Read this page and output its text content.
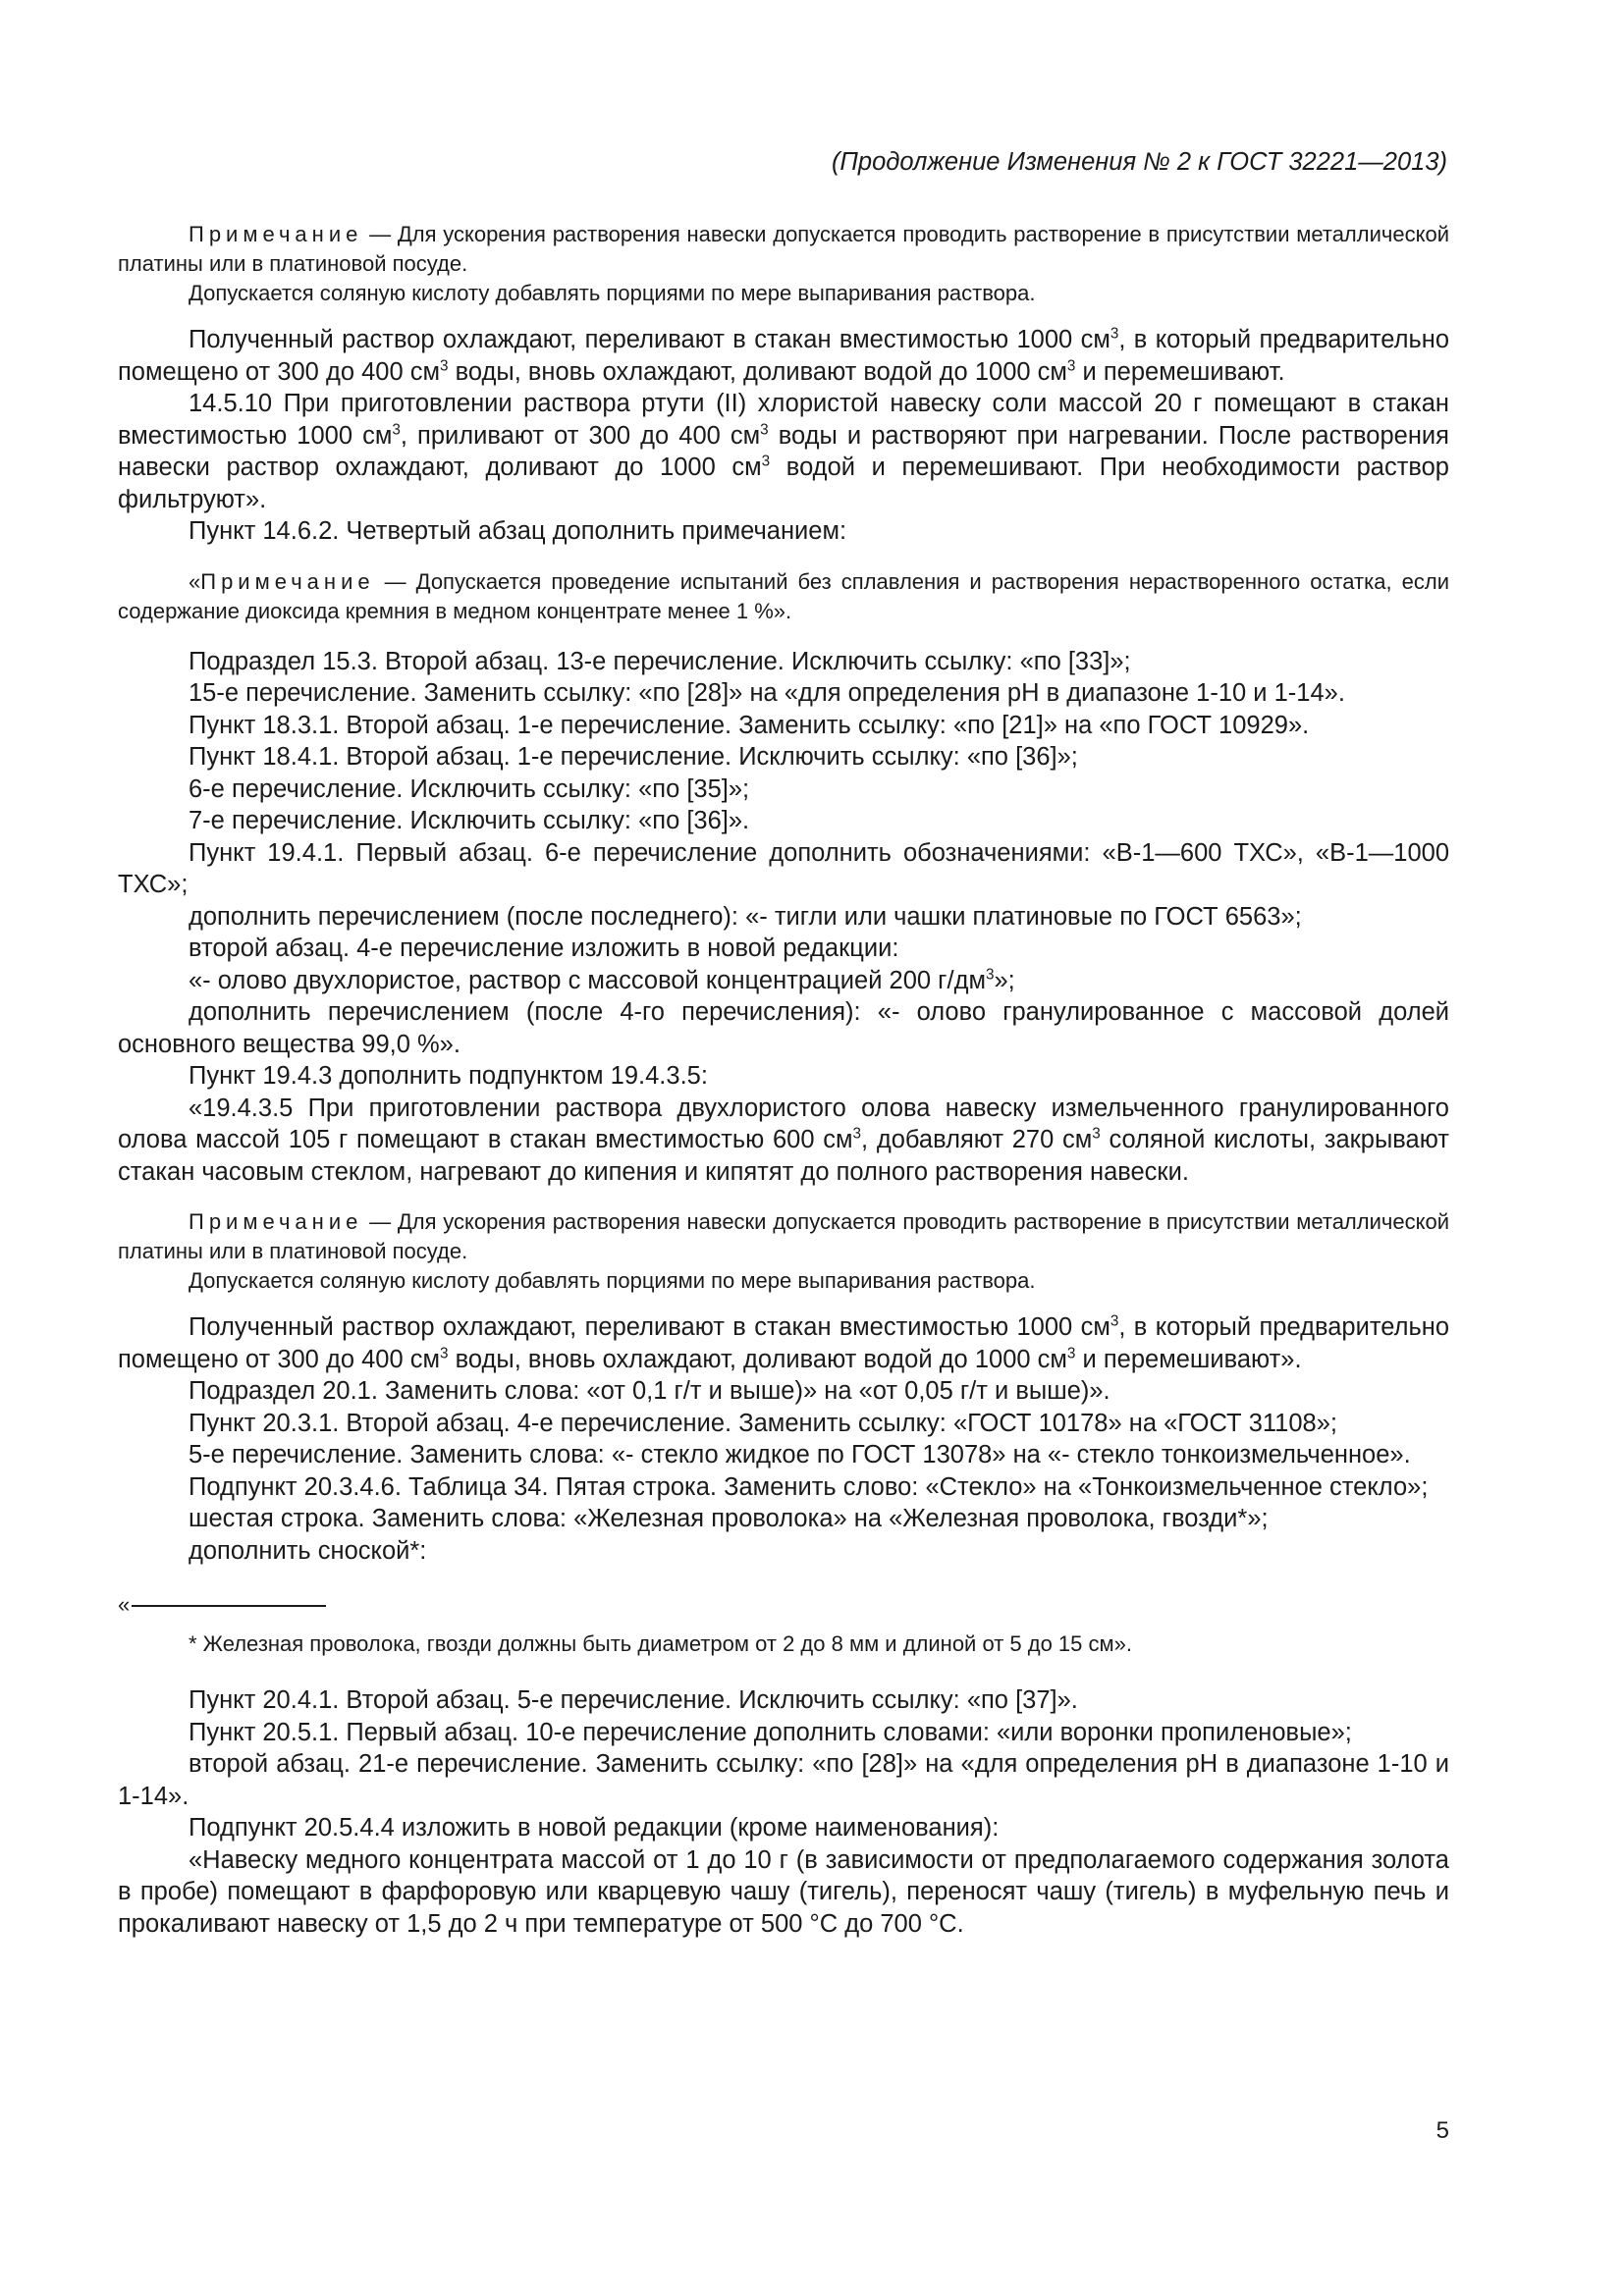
(Продолжение Изменения № 2 к ГОСТ 32221—2013)

Примечание — Для ускорения растворения навески допускается проводить растворение в присутствии металлической платины или в платиновой посуде.

Допускается соляную кислоту добавлять порциями по мере выпаривания раствора.

Полученный раствор охлаждают, переливают в стакан вместимостью 1000 $см^3$, в который предварительно помещено от 300 до 400 $см^3$ воды, вновь охлаждают, доливают водой до 1000 $см^3$ и перемешивают.

14.5.10 При приготовлении раствора ртути (II) хлористой навеску соли массой 20 г помещают в стакан вместимостью 1000 $см^3$, приливают от 300 до 400 $см^3$ воды и растворяют при нагревании. После растворения навески раствор охлаждают, доливают до 1000 $см^3$ водой и перемешивают. При необходимости раствор фильтруют».

Пункт 14.6.2. Четвертый абзац дополнить примечанием:

«Примечание — Допускается проведение испытаний без сплавления и растворения нерастворенного остатка, если содержание диоксида кремния в медном концентрате менее 1 %».

Подраздел 15.3. Второй абзац. 13-е перечисление. Исключить ссылку: «по [33]»;

15-е перечисление. Заменить ссылку: «по [28]» на «для определения рН в диапазоне 1-10 и 1-14».

Пункт 18.3.1. Второй абзац. 1-е перечисление. Заменить ссылку: «по [21]» на «по ГОСТ 10929».

Пункт 18.4.1. Второй абзац. 1-е перечисление. Исключить ссылку: «по [36]»;

6-е перечисление. Исключить ссылку: «по [35]»;

7-е перечисление. Исключить ссылку: «по [36]».

Пункт 19.4.1. Первый абзац. 6-е перечисление дополнить обозначениями: «В-1—600 ТХС», «В-1—1000 ТХС»;

дополнить перечислением (после последнего): «- тигли или чашки платиновые по ГОСТ 6563»;

второй абзац. 4-е перечисление изложить в новой редакции:

«- олово двухлористое, раствор с массовой концентрацией 200 $г/дм^3$»;

дополнить перечислением (после 4-го перечисления): «- олово гранулированное с массовой долей основного вещества 99,0 %».

Пункт 19.4.3 дополнить подпунктом 19.4.3.5:

«19.4.3.5 При приготовлении раствора двухлористого олова навеску измельченного гранулированного олова массой 105 г помещают в стакан вместимостью 600 $см^3$, добавляют 270 $см^3$ соляной кислоты, закрывают стакан часовым стеклом, нагревают до кипения и кипятят до полного растворения навески.

Примечание — Для ускорения растворения навески допускается проводить растворение в присутствии металлической платины или в платиновой посуде.

Допускается соляную кислоту добавлять порциями по мере выпаривания раствора.

Полученный раствор охлаждают, переливают в стакан вместимостью 1000 $см^3$, в который предварительно помещено от 300 до 400 $см^3$ воды, вновь охлаждают, доливают водой до 1000 $см^3$ и перемешивают».

Подраздел 20.1. Заменить слова: «от 0,1 г/т и выше)» на «от 0,05 г/т и выше)».

Пункт 20.3.1. Второй абзац. 4-е перечисление. Заменить ссылку: «ГОСТ 10178» на «ГОСТ 31108»;

5-е перечисление. Заменить слова: «- стекло жидкое по ГОСТ 13078» на «- стекло тонкоизмельченное».

Подпункт 20.3.4.6. Таблица 34. Пятая строка. Заменить слово: «Стекло» на «Тонкоизмельченное стекло»;

шестая строка. Заменить слова: «Железная проволока» на «Железная проволока, гвозди*»;

дополнить сноской*:

«

* Железная проволока, гвозди должны быть диаметром от 2 до 8 мм и длиной от 5 до 15 см».

Пункт 20.4.1. Второй абзац. 5-е перечисление. Исключить ссылку: «по [37]».

Пункт 20.5.1. Первый абзац. 10-е перечисление дополнить словами: «или воронки пропиленовые»;

второй абзац. 21-е перечисление. Заменить ссылку: «по [28]» на «для определения рН в диапазоне 1-10 и 1-14».

Подпункт 20.5.4.4 изложить в новой редакции (кроме наименования):

«Навеску медного концентрата массой от 1 до 10 г (в зависимости от предполагаемого содержания золота в пробе) помещают в фарфоровую или кварцевую чашу (тигель), переносят чашу (тигель) в муфельную печь и прокаливают навеску от 1,5 до 2 ч при температуре от 500 °С до 700 °С.

5
